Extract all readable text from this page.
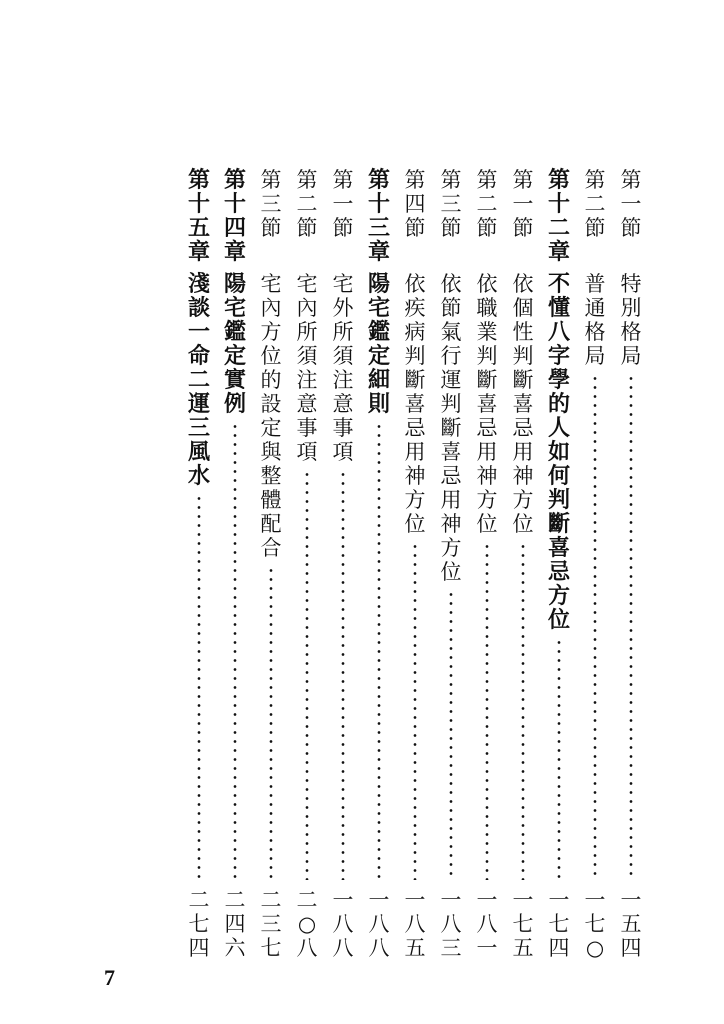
第
一
節
特
別
格
局
一
五
四
第
二
節
普
通
格
局
一
七
○
第
十
二
章
不
懂
八
字
學
的
人
如
何
判
斷
喜
忌
方
位
一
七
四
第
一
節
依
個
性
判
斷
喜
忌
用
神
方
位
一
七
五
第
二
節
依
職
業
判
斷
喜
忌
用
神
方
位
一
八
一
第
三
節
依
節
氣
行
運
判
斷
喜
忌
用
神
方
位
一
八
三
第
四
節
依
疾
病
判
斷
喜
忌
用
神
方
位
一
八
五
第
十
三
章
陽
宅
鑑
定
細
則
一
八
八
第
一
節
宅
外
所
須
注
意
事
項
一
八
八
第
二
節
宅
內
所
須
注
意
事
項
二
○
八
第
三
節
宅
內
方
位
的
設
定
與
整
體
配
合
二
三
七
第
十
四
章
陽
宅
鑑
定
實
例
二
四
六
第
十
五
章
淺
談
一
命
二
運
三
風
水
二
七
四
7
